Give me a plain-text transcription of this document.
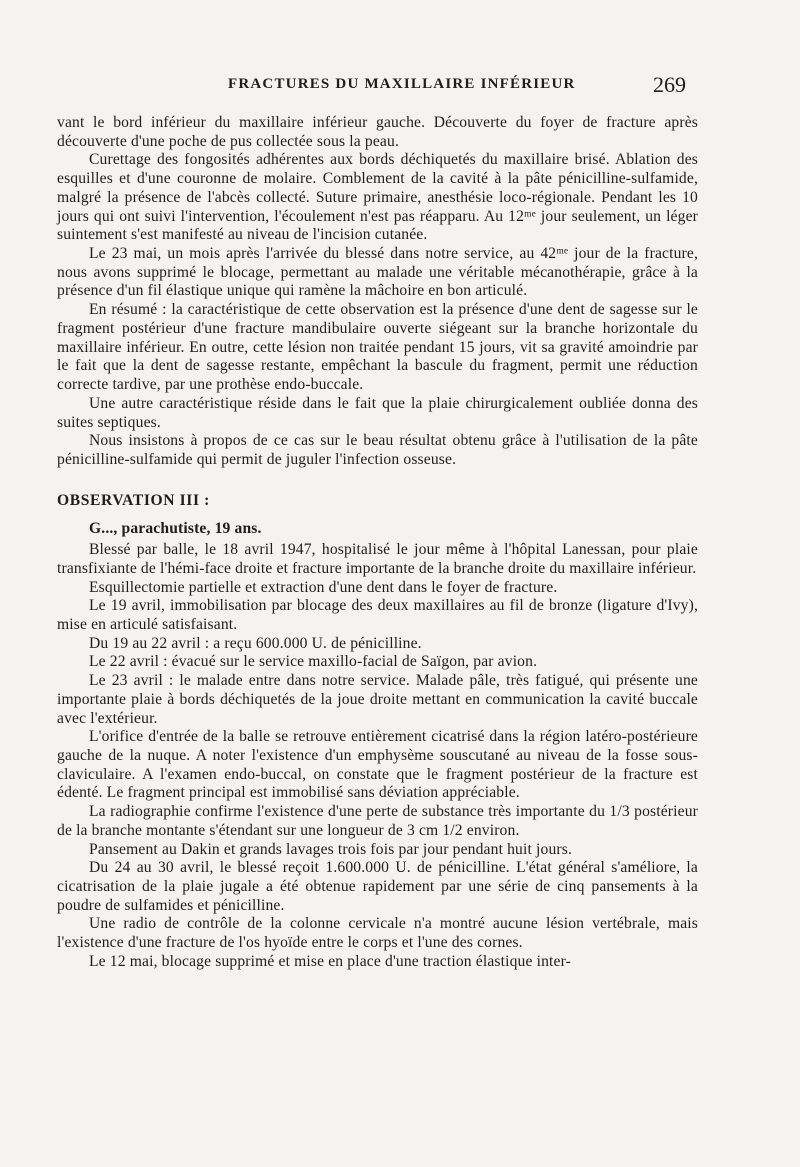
FRACTURES DU MAXILLAIRE INFÉRIEUR	269

vant le bord inférieur du maxillaire inférieur gauche. Découverte du foyer de fracture après découverte d'une poche de pus collectée sous la peau.

Curettage des fongosités adhérentes aux bords déchiquetés du maxillaire brisé. Ablation des esquilles et d'une couronne de molaire. Comblement de la cavité à la pâte pénicilline-sulfamide, malgré la présence de l'abcès collecté. Suture primaire, anesthésie loco-régionale. Pendant les 10 jours qui ont suivi l'intervention, l'écoulement n'est pas réapparu. Au 12ᵐᵉ jour seulement, un léger suintement s'est manifesté au niveau de l'incision cutanée.

Le 23 mai, un mois après l'arrivée du blessé dans notre service, au 42ᵐᵉ jour de la fracture, nous avons supprimé le blocage, permettant au malade une véritable mécanothérapie, grâce à la présence d'un fil élastique unique qui ramène la mâchoire en bon articulé.

En résumé : la caractéristique de cette observation est la présence d'une dent de sagesse sur le fragment postérieur d'une fracture mandibulaire ouverte siégeant sur la branche horizontale du maxillaire inférieur. En outre, cette lésion non traitée pendant 15 jours, vit sa gravité amoindrie par le fait que la dent de sagesse restante, empêchant la bascule du fragment, permit une réduction correcte tardive, par une prothèse endo-buccale.

Une autre caractéristique réside dans le fait que la plaie chirurgicalement oubliée donna des suites septiques.

Nous insistons à propos de ce cas sur le beau résultat obtenu grâce à l'utilisation de la pâte pénicilline-sulfamide qui permit de juguler l'infection osseuse.

OBSERVATION III :

G..., parachutiste, 19 ans.

Blessé par balle, le 18 avril 1947, hospitalisé le jour même à l'hôpital Lanessan, pour plaie transfixiante de l'hémi-face droite et fracture importante de la branche droite du maxillaire inférieur.

Esquillectomie partielle et extraction d'une dent dans le foyer de fracture.

Le 19 avril, immobilisation par blocage des deux maxillaires au fil de bronze (ligature d'Ivy), mise en articulé satisfaisant.

Du 19 au 22 avril : a reçu 600.000 U. de pénicilline.

Le 22 avril : évacué sur le service maxillo-facial de Saïgon, par avion.

Le 23 avril : le malade entre dans notre service. Malade pâle, très fatigué, qui présente une importante plaie à bords déchiquetés de la joue droite mettant en communication la cavité buccale avec l'extérieur.

L'orifice d'entrée de la balle se retrouve entièrement cicatrisé dans la région latéro-postérieure gauche de la nuque. A noter l'existence d'un emphysème souscutané au niveau de la fosse sous-claviculaire. A l'examen endo-buccal, on constate que le fragment postérieur de la fracture est édenté. Le fragment principal est immobilisé sans déviation appréciable.

La radiographie confirme l'existence d'une perte de substance très importante du 1/3 postérieur de la branche montante s'étendant sur une longueur de 3 cm 1/2 environ.

Pansement au Dakin et grands lavages trois fois par jour pendant huit jours.

Du 24 au 30 avril, le blessé reçoit 1.600.000 U. de pénicilline. L'état général s'améliore, la cicatrisation de la plaie jugale a été obtenue rapidement par une série de cinq pansements à la poudre de sulfamides et pénicilline.

Une radio de contrôle de la colonne cervicale n'a montré aucune lésion vertébrale, mais l'existence d'une fracture de l'os hyoïde entre le corps et l'une des cornes.

Le 12 mai, blocage supprimé et mise en place d'une traction élastique inter-
